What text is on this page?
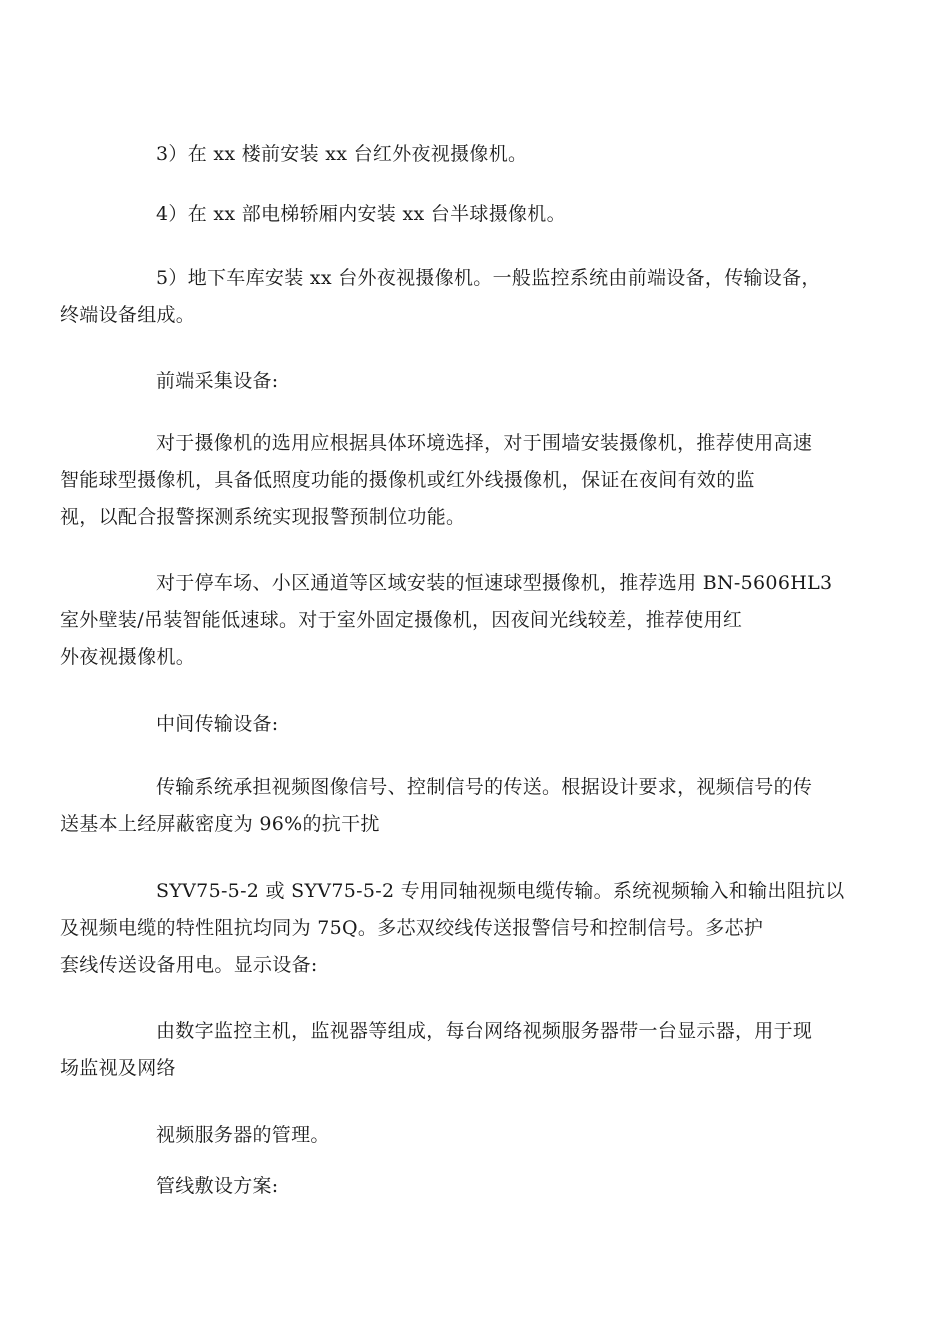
3）在 xx 楼前安装 xx 台红外夜视摄像机。

4）在 xx 部电梯轿厢内安装 xx 台半球摄像机。

5）地下车库安装 xx 台外夜视摄像机。一般监控系统由前端设备，传输设备，
终端设备组成。

前端采集设备:

对于摄像机的选用应根据具体环境选择，对于围墙安装摄像机，推荐使用高速
智能球型摄像机，具备低照度功能的摄像机或红外线摄像机，保证在夜间有效的监
视，以配合报警探测系统实现报警预制位功能。

对于停车场、小区通道等区域安装的恒速球型摄像机，推荐选用 BN-5606HL3
室外壁装/吊装智能低速球。对于室外固定摄像机，因夜间光线较差，推荐使用红
外夜视摄像机。

中间传输设备:

传输系统承担视频图像信号、控制信号的传送。根据设计要求，视频信号的传
送基本上经屏蔽密度为 96%的抗干扰

SYV75-5-2 或 SYV75-5-2 专用同轴视频电缆传输。系统视频输入和输出阻抗以
及视频电缆的特性阻抗均同为 75Q。多芯双绞线传送报警信号和控制信号。多芯护
套线传送设备用电。显示设备:

由数字监控主机，监视器等组成，每台网络视频服务器带一台显示器，用于现
场监视及网络

视频服务器的管理。

管线敷设方案:
